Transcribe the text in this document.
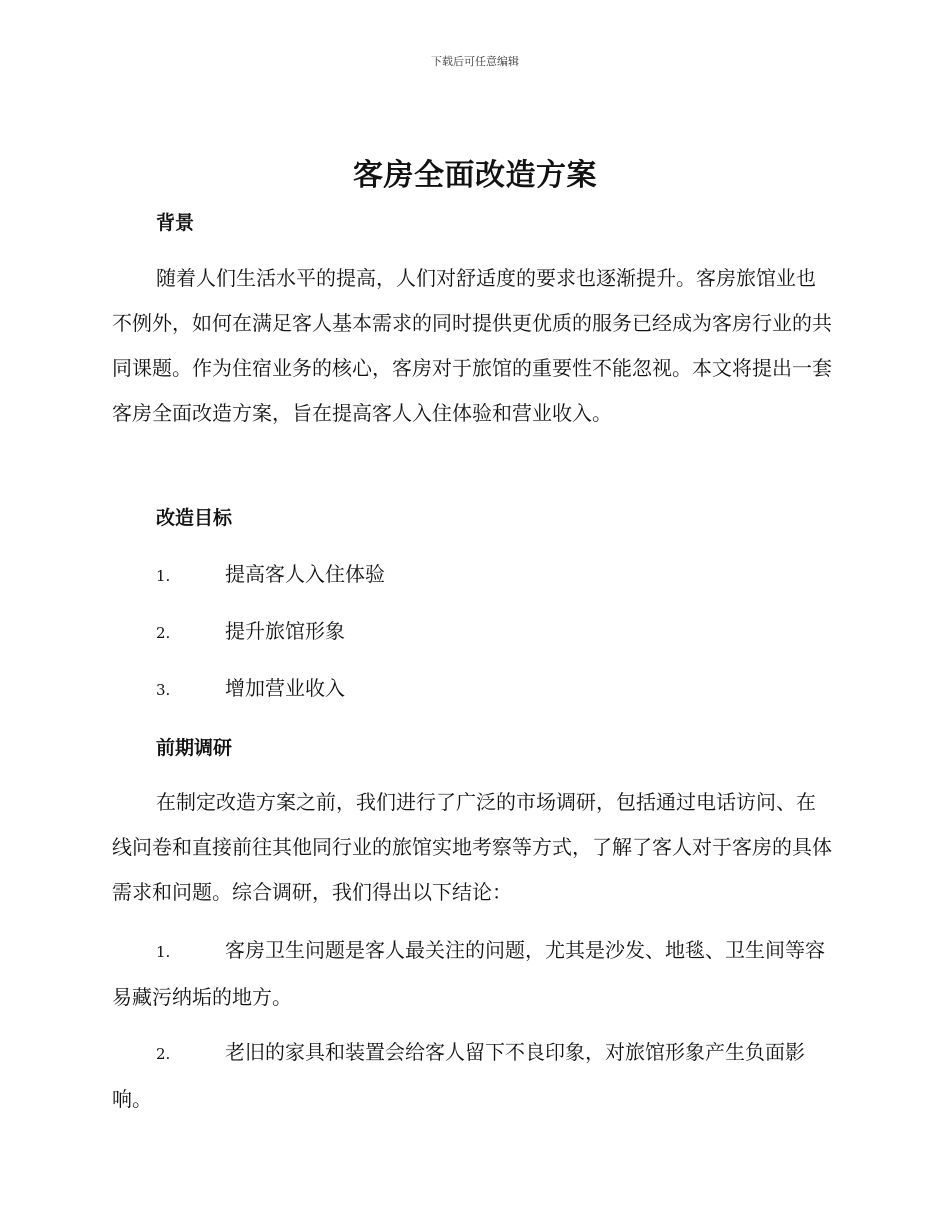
下载后可任意编辑
客房全面改造方案
背景
随着人们生活水平的提高，人们对舒适度的要求也逐渐提升。客房旅馆业也不例外，如何在满足客人基本需求的同时提供更优质的服务已经成为客房行业的共同课题。作为住宿业务的核心，客房对于旅馆的重要性不能忽视。本文将提出一套客房全面改造方案，旨在提高客人入住体验和营业收入。
改造目标
1.	提高客人入住体验
2.	提升旅馆形象
3.	增加营业收入
前期调研
在制定改造方案之前，我们进行了广泛的市场调研，包括通过电话访问、在线问卷和直接前往其他同行业的旅馆实地考察等方式，了解了客人对于客房的具体需求和问题。综合调研，我们得出以下结论：
1.	客房卫生问题是客人最关注的问题，尤其是沙发、地毯、卫生间等容易藏污纳垢的地方。
2.	老旧的家具和装置会给客人留下不良印象，对旅馆形象产生负面影响。
